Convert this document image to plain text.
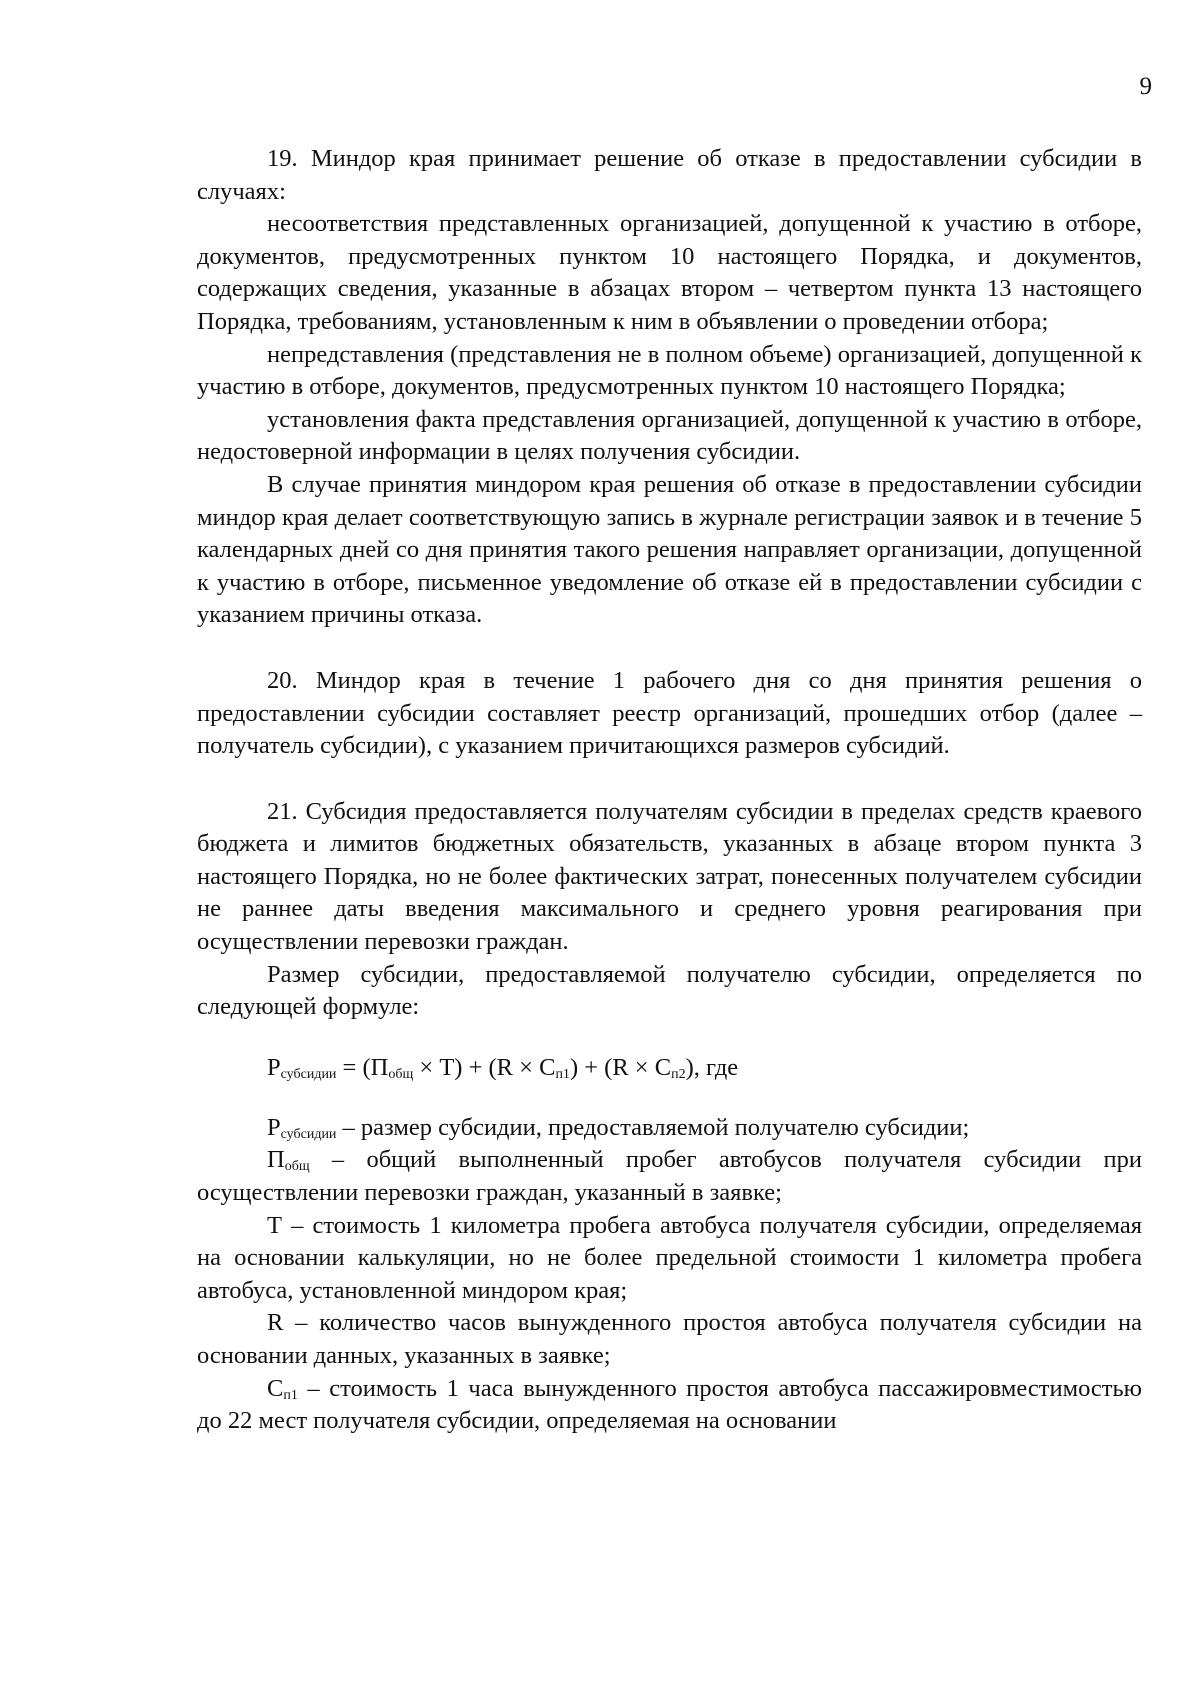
9

19. Миндор края принимает решение об отказе в предоставлении субсидии в случаях:

несоответствия представленных организацией, допущенной к участию в отборе, документов, предусмотренных пунктом 10 настоящего Порядка, и документов, содержащих сведения, указанные в абзацах втором – четвертом пункта 13 настоящего Порядка, требованиям, установленным к ним в объявлении о проведении отбора;

непредставления (представления не в полном объеме) организацией, допущенной к участию в отборе, документов, предусмотренных пунктом 10 настоящего Порядка;

установления факта представления организацией, допущенной к участию в отборе, недостоверной информации в целях получения субсидии.

В случае принятия миндором края решения об отказе в предоставлении субсидии миндор края делает соответствующую запись в журнале регистрации заявок и в течение 5 календарных дней со дня принятия такого решения направляет организации, допущенной к участию в отборе, письменное уведомление об отказе ей в предоставлении субсидии с указанием причины отказа.

20. Миндор края в течение 1 рабочего дня со дня принятия решения о предоставлении субсидии составляет реестр организаций, прошедших отбор (далее – получатель субсидии), с указанием причитающихся размеров субсидий.

21. Субсидия предоставляется получателям субсидии в пределах средств краевого бюджета и лимитов бюджетных обязательств, указанных в абзаце втором пункта 3 настоящего Порядка, но не более фактических затрат, понесенных получателем субсидии не раннее даты введения максимального и среднего уровня реагирования при осуществлении перевозки граждан.

Размер субсидии, предоставляемой получателю субсидии, определяется по следующей формуле:

$P_{субсидии} = (П_{общ} \times Т) + (R \times С_{п1}) + (R \times С_{п2})$, где

$P_{субсидии}$ – размер субсидии, предоставляемой получателю субсидии;

$П_{общ}$ – общий выполненный пробег автобусов получателя субсидии при осуществлении перевозки граждан, указанный в заявке;

Т – стоимость 1 километра пробега автобуса получателя субсидии, определяемая на основании калькуляции, но не более предельной стоимости 1 километра пробега автобуса, установленной миндором края;

R – количество часов вынужденного простоя автобуса получателя субсидии на основании данных, указанных в заявке;

$С_{п1}$ – стоимость 1 часа вынужденного простоя автобуса пассажировместимостью до 22 мест получателя субсидии, определяемая на основании
